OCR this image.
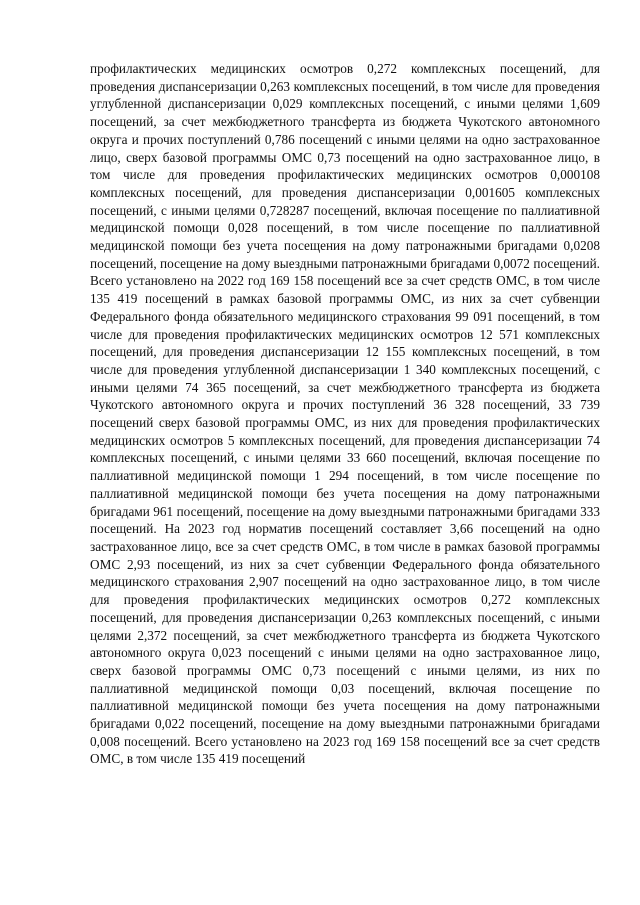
профилактических медицинских осмотров 0,272 комплексных посещений, для проведения диспансеризации 0,263 комплексных посещений, в том числе для проведения углубленной диспансеризации 0,029 комплексных посещений, с иными целями 1,609 посещений, за счет межбюджетного трансферта из бюджета Чукотского автономного округа и прочих поступлений 0,786 посещений с иными целями на одно застрахованное лицо, сверх базовой программы ОМС 0,73 посещений на одно застрахованное лицо, в том числе для проведения профилактических медицинских осмотров 0,000108 комплексных посещений, для проведения диспансеризации 0,001605 комплексных посещений, с иными целями 0,728287 посещений, включая посещение по паллиативной медицинской помощи 0,028 посещений, в том числе посещение по паллиативной медицинской помощи без учета посещения на дому патронажными бригадами 0,0208 посещений, посещение на дому выездными патронажными бригадами 0,0072 посещений. Всего установлено на 2022 год 169 158 посещений все за счет средств ОМС, в том числе 135 419 посещений в рамках базовой программы ОМС, из них за счет субвенции Федерального фонда обязательного медицинского страхования 99 091 посещений, в том числе для проведения профилактических медицинских осмотров 12 571 комплексных посещений, для проведения диспансеризации 12 155 комплексных посещений, в том числе для проведения углубленной диспансеризации 1 340 комплексных посещений, с иными целями 74 365 посещений, за счет межбюджетного трансферта из бюджета Чукотского автономного округа и прочих поступлений 36 328 посещений, 33 739 посещений сверх базовой программы ОМС, из них для проведения профилактических медицинских осмотров 5 комплексных посещений, для проведения диспансеризации 74 комплексных посещений, с иными целями 33 660 посещений, включая посещение по паллиативной медицинской помощи 1 294 посещений, в том числе посещение по паллиативной медицинской помощи без учета посещения на дому патронажными бригадами 961 посещений, посещение на дому выездными патронажными бригадами 333 посещений. На 2023 год норматив посещений составляет 3,66 посещений на одно застрахованное лицо, все за счет средств ОМС, в том числе в рамках базовой программы ОМС 2,93 посещений, из них за счет субвенции Федерального фонда обязательного медицинского страхования 2,907 посещений на одно застрахованное лицо, в том числе для проведения профилактических медицинских осмотров 0,272 комплексных посещений, для проведения диспансеризации 0,263 комплексных посещений, с иными целями 2,372 посещений, за счет межбюджетного трансферта из бюджета Чукотского автономного округа 0,023 посещений с иными целями на одно застрахованное лицо, сверх базовой программы ОМС 0,73 посещений с иными целями, из них по паллиативной медицинской помощи 0,03 посещений, включая посещение по паллиативной медицинской помощи без учета посещения на дому патронажными бригадами 0,022 посещений, посещение на дому выездными патронажными бригадами 0,008 посещений. Всего установлено на 2023 год 169 158 посещений все за счет средств ОМС, в том числе 135 419 посещений
